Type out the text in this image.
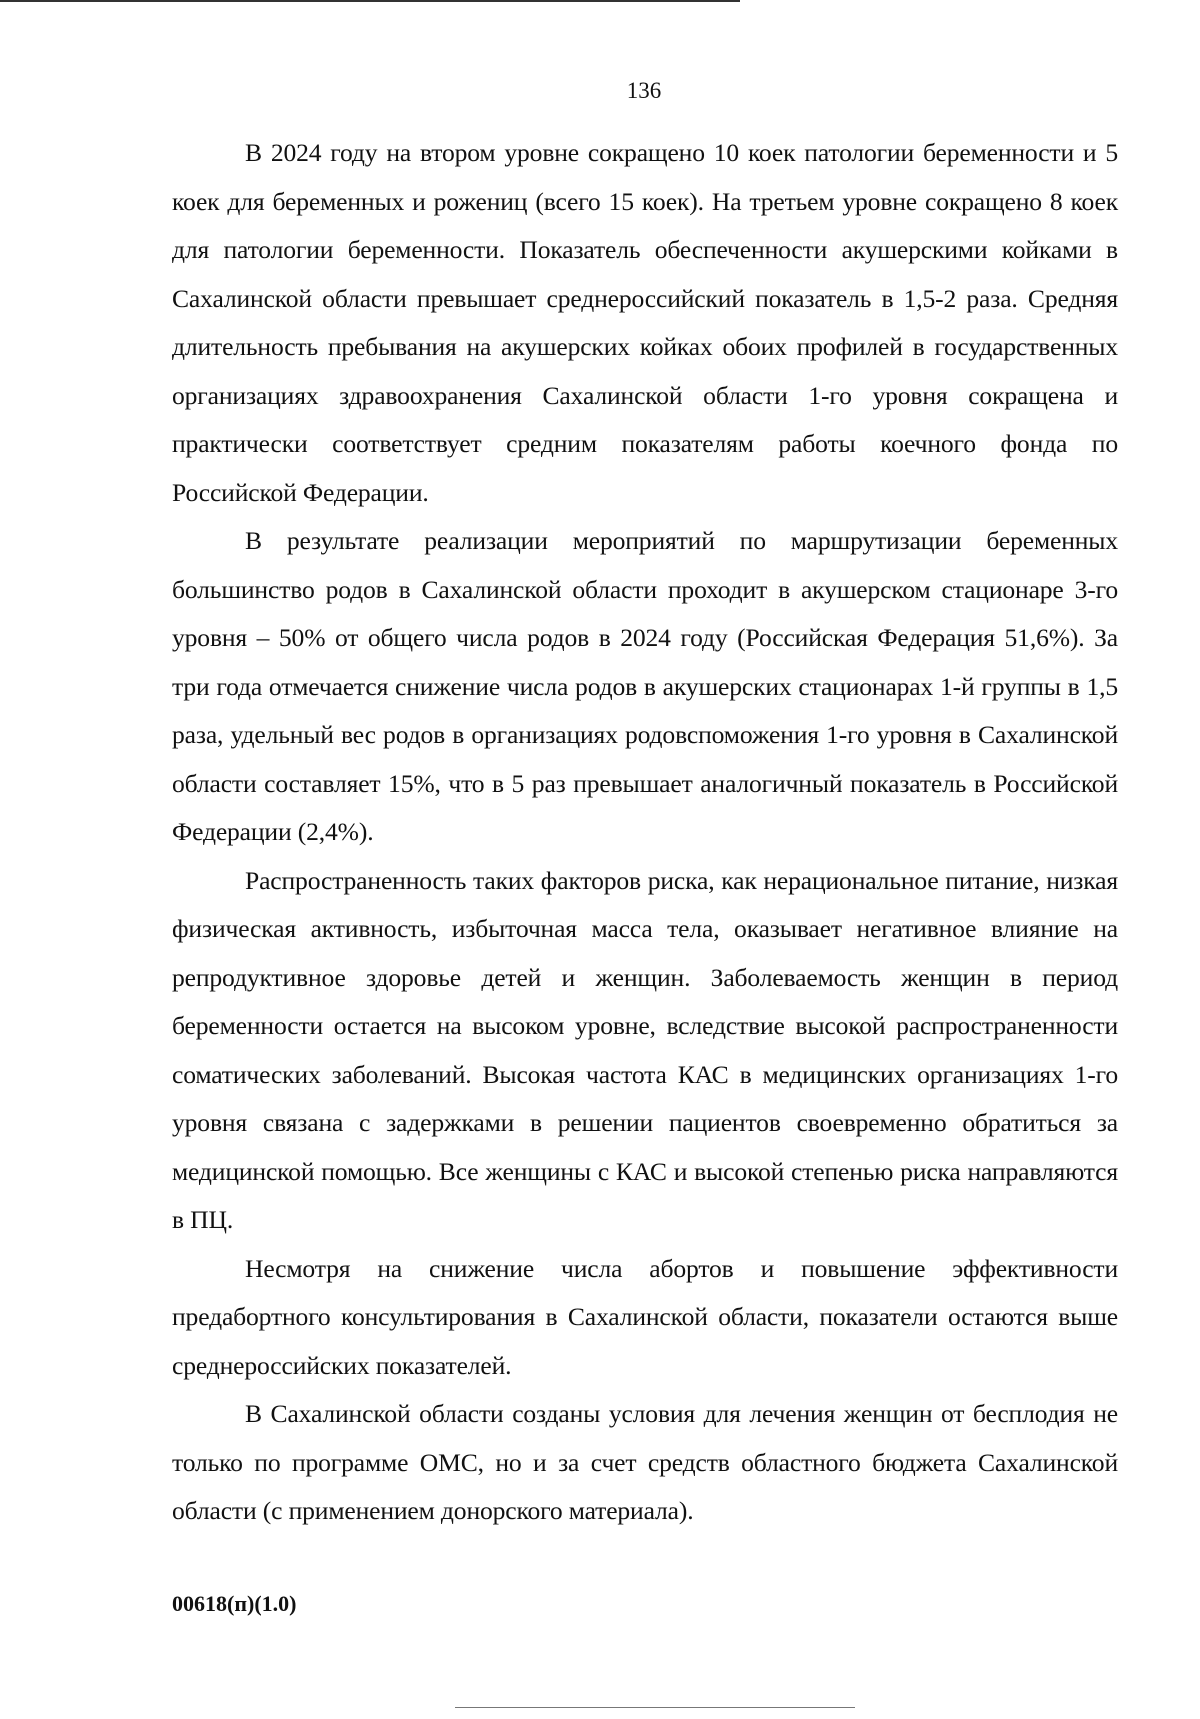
136

В 2024 году на втором уровне сокращено 10 коек патологии беременности и 5 коек для беременных и рожениц (всего 15 коек). На третьем уровне сокращено 8 коек для патологии беременности. Показатель обеспеченности акушерскими койками в Сахалинской области превышает среднероссийский показатель в 1,5-2 раза. Средняя длительность пребывания на акушерских койках обоих профилей в государственных организациях здравоохранения Сахалинской области 1-го уровня сокращена и практически соответствует средним показателям работы коечного фонда по Российской Федерации.

В результате реализации мероприятий по маршрутизации беременных большинство родов в Сахалинской области проходит в акушерском стационаре 3-го уровня – 50% от общего числа родов в 2024 году (Российская Федерация 51,6%). За три года отмечается снижение числа родов в акушерских стационарах 1-й группы в 1,5 раза, удельный вес родов в организациях родовспоможения 1-го уровня в Сахалинской области составляет 15%, что в 5 раз превышает аналогичный показатель в Российской Федерации (2,4%).

Распространенность таких факторов риска, как нерациональное питание, низкая физическая активность, избыточная масса тела, оказывает негативное влияние на репродуктивное здоровье детей и женщин. Заболеваемость женщин в период беременности остается на высоком уровне, вследствие высокой распространенности соматических заболеваний. Высокая частота КАС в медицинских организациях 1-го уровня связана с задержками в решении пациентов своевременно обратиться за медицинской помощью. Все женщины с КАС и высокой степенью риска направляются в ПЦ.

Несмотря на снижение числа абортов и повышение эффективности предабортного консультирования в Сахалинской области, показатели остаются выше среднероссийских показателей.

В Сахалинской области созданы условия для лечения женщин от бесплодия не только по программе ОМС, но и за счет средств областного бюджета Сахалинской области (с применением донорского материала).

00618(п)(1.0)
